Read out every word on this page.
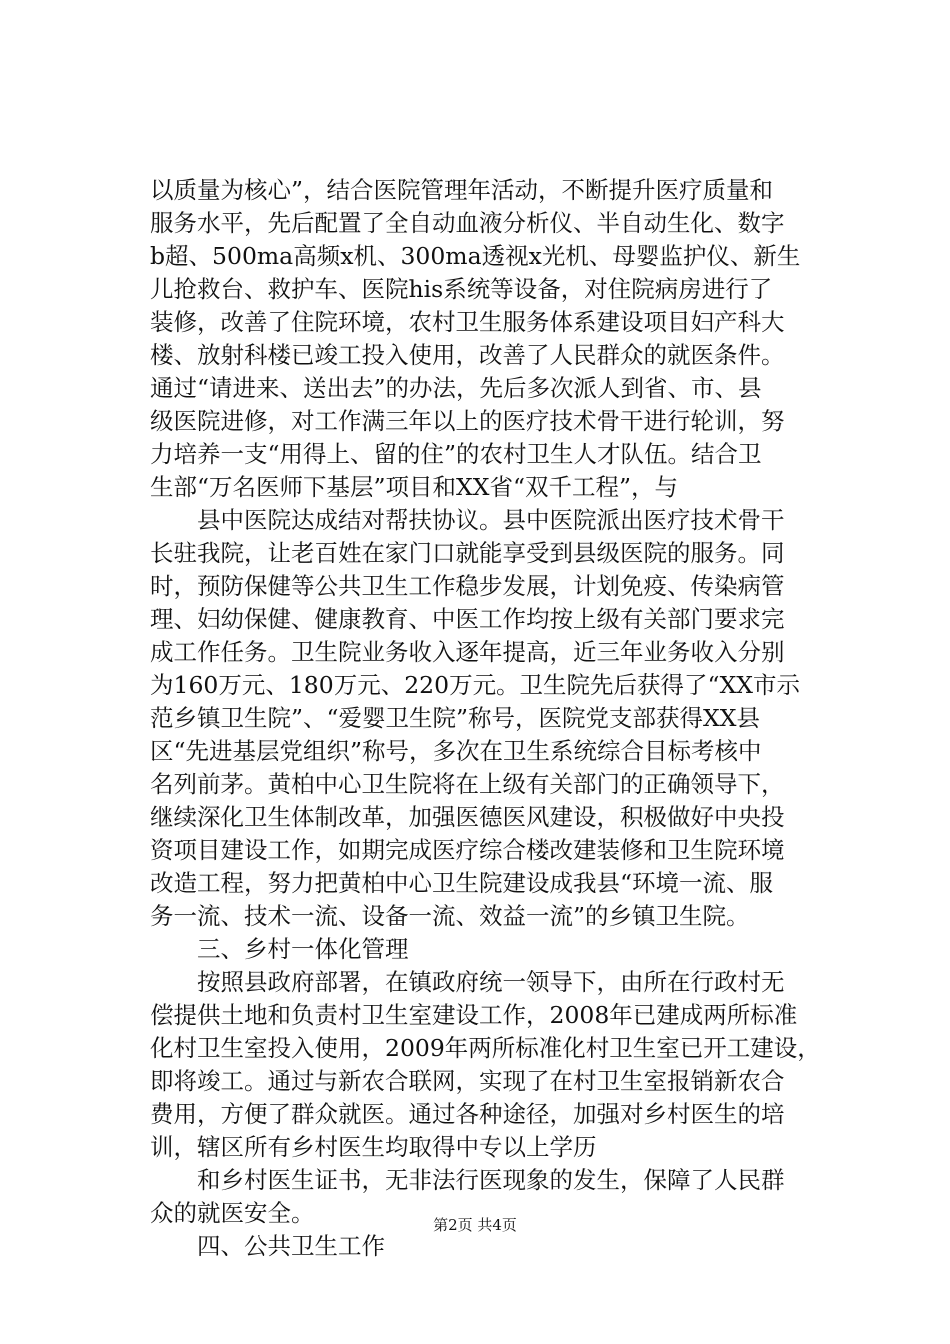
以质量为核心”，结合医院管理年活动，不断提升医疗质量和
服务水平，先后配置了全自动血液分析仪、半自动生化、数字
b超、500ma高频x机、300ma透视x光机、母婴监护仪、新生
儿抢救台、救护车、医院his系统等设备，对住院病房进行了
装修，改善了住院环境，农村卫生服务体系建设项目妇产科大
楼、放射科楼已竣工投入使用，改善了人民群众的就医条件。
通过“请进来、送出去”的办法，先后多次派人到省、市、县
级医院进修，对工作满三年以上的医疗技术骨干进行轮训，努
力培养一支“用得上、留的住”的农村卫生人才队伍。结合卫
生部“万名医师下基层”项目和XX省“双千工程”，与
　　县中医院达成结对帮扶协议。县中医院派出医疗技术骨干
长驻我院，让老百姓在家门口就能享受到县级医院的服务。同
时，预防保健等公共卫生工作稳步发展，计划免疫、传染病管
理、妇幼保健、健康教育、中医工作均按上级有关部门要求完
成工作任务。卫生院业务收入逐年提高，近三年业务收入分别
为160万元、180万元、220万元。卫生院先后获得了“XX市示
范乡镇卫生院”、“爱婴卫生院”称号，医院党支部获得XX县
区“先进基层党组织”称号，多次在卫生系统综合目标考核中
名列前茅。黄柏中心卫生院将在上级有关部门的正确领导下，
继续深化卫生体制改革，加强医德医风建设，积极做好中央投
资项目建设工作，如期完成医疗综合楼改建装修和卫生院环境
改造工程，努力把黄柏中心卫生院建设成我县“环境一流、服
务一流、技术一流、设备一流、效益一流”的乡镇卫生院。
　　三、乡村一体化管理
　　按照县政府部署，在镇政府统一领导下，由所在行政村无
偿提供土地和负责村卫生室建设工作，2008年已建成两所标准
化村卫生室投入使用，2009年两所标准化村卫生室已开工建设，
即将竣工。通过与新农合联网，实现了在村卫生室报销新农合
费用，方便了群众就医。通过各种途径，加强对乡村医生的培
训，辖区所有乡村医生均取得中专以上学历
　　和乡村医生证书，无非法行医现象的发生，保障了人民群
众的就医安全。
　　四、公共卫生工作
第2页 共4页
